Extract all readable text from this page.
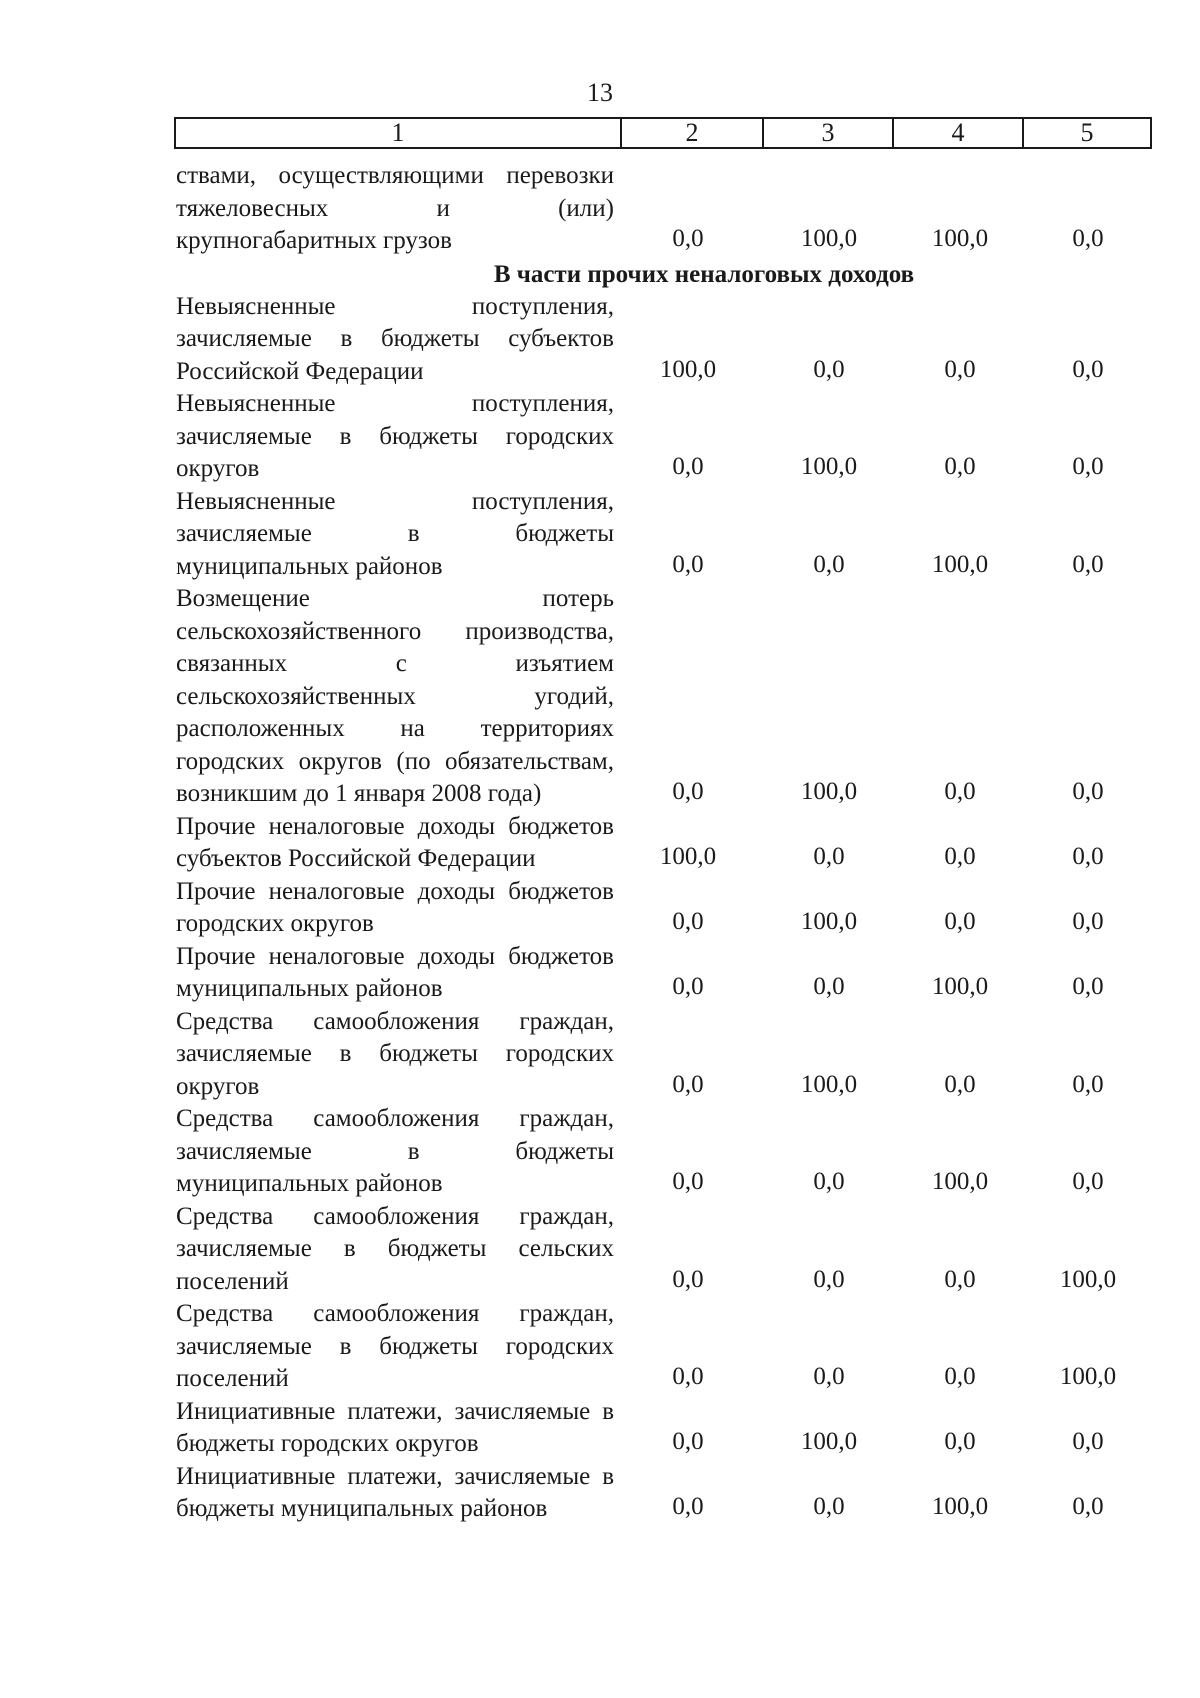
13
1	2	3	4	5
ствами, осуществляющими перевозки тяжеловесных и (или) крупногабаритных грузов	0,0	100,0	100,0	0,0
В части прочих неналоговых доходов
Невыясненные поступления, зачисляемые в бюджеты субъектов Российской Федерации	100,0	0,0	0,0	0,0
Невыясненные поступления, зачисляемые в бюджеты городских округов	0,0	100,0	0,0	0,0
Невыясненные поступления, зачисляемые в бюджеты муниципальных районов	0,0	0,0	100,0	0,0
Возмещение потерь сельскохозяйственного производства, связанных с изъятием сельскохозяйственных угодий, расположенных на территориях городских округов (по обязательствам, возникшим до 1 января 2008 года)	0,0	100,0	0,0	0,0
Прочие неналоговые доходы бюджетов субъектов Российской Федерации	100,0	0,0	0,0	0,0
Прочие неналоговые доходы бюджетов городских округов	0,0	100,0	0,0	0,0
Прочие неналоговые доходы бюджетов муниципальных районов	0,0	0,0	100,0	0,0
Средства самообложения граждан, зачисляемые в бюджеты городских округов	0,0	100,0	0,0	0,0
Средства самообложения граждан, зачисляемые в бюджеты муниципальных районов	0,0	0,0	100,0	0,0
Средства самообложения граждан, зачисляемые в бюджеты сельских поселений	0,0	0,0	0,0	100,0
Средства самообложения граждан, зачисляемые в бюджеты городских поселений	0,0	0,0	0,0	100,0
Инициативные платежи, зачисляемые в бюджеты городских округов	0,0	100,0	0,0	0,0
Инициативные платежи, зачисляемые в бюджеты муниципальных районов	0,0	0,0	100,0	0,0
